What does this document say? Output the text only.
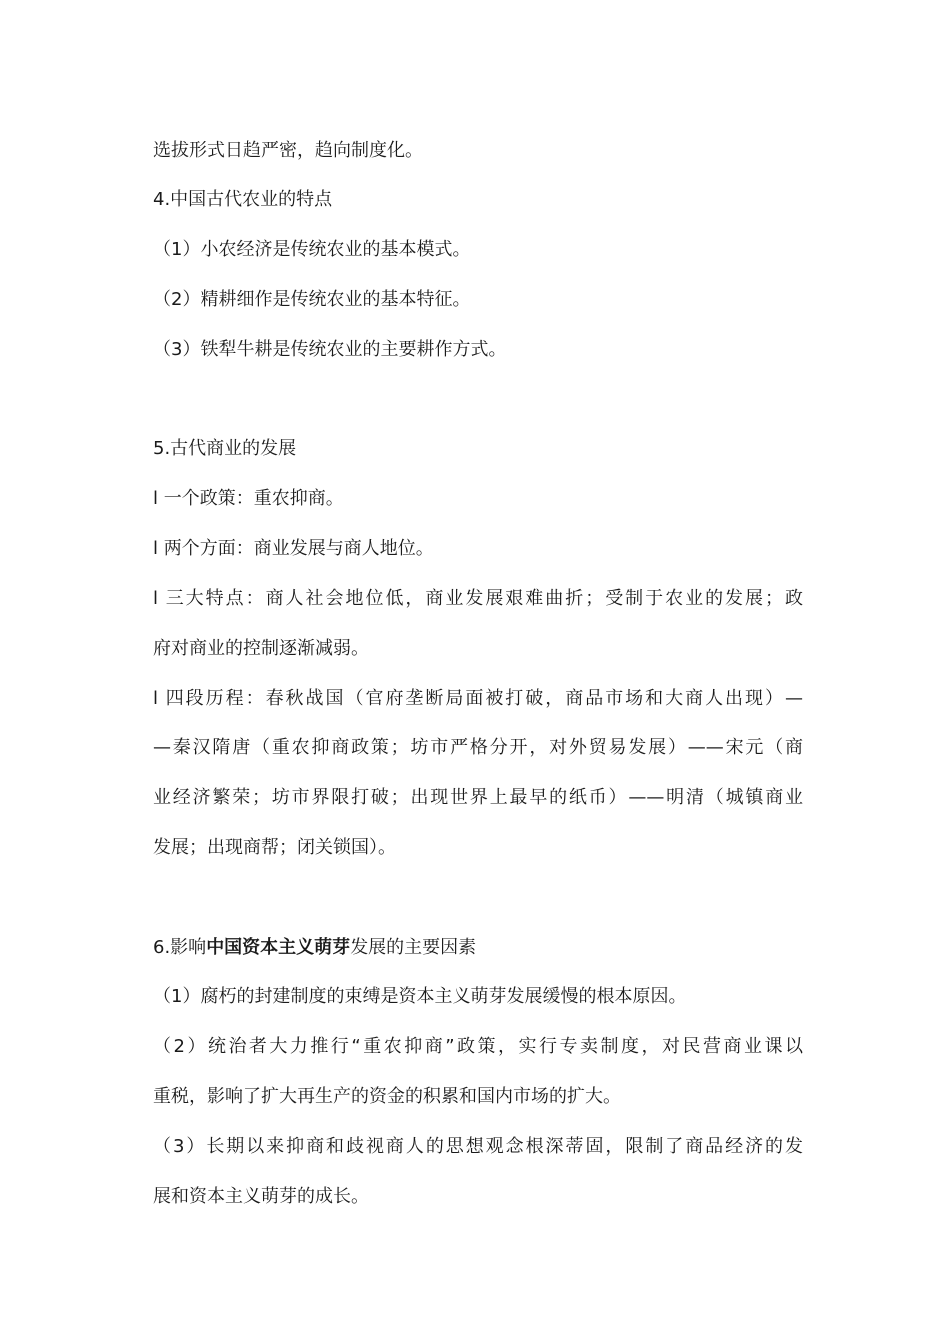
选拔形式日趋严密，趋向制度化。
4.中国古代农业的特点
（1）小农经济是传统农业的基本模式。
（2）精耕细作是传统农业的基本特征。
（3）铁犁牛耕是传统农业的主要耕作方式。
5.古代商业的发展
l 一个政策：重农抑商。
l 两个方面：商业发展与商人地位。
l 三大特点：商人社会地位低，商业发展艰难曲折；受制于农业的发展；政
府对商业的控制逐渐减弱。
l 四段历程：春秋战国（官府垄断局面被打破，商品市场和大商人出现）—
—秦汉隋唐（重农抑商政策；坊市严格分开，对外贸易发展）——宋元（商
业经济繁荣；坊市界限打破；出现世界上最早的纸币）——明清（城镇商业
发展；出现商帮；闭关锁国）。
6.影响中国资本主义萌芽发展的主要因素
（1）腐朽的封建制度的束缚是资本主义萌芽发展缓慢的根本原因。
（2）统治者大力推行“重农抑商”政策，实行专卖制度，对民营商业课以
重税，影响了扩大再生产的资金的积累和国内市场的扩大。
（3）长期以来抑商和歧视商人的思想观念根深蒂固，限制了商品经济的发
展和资本主义萌芽的成长。
